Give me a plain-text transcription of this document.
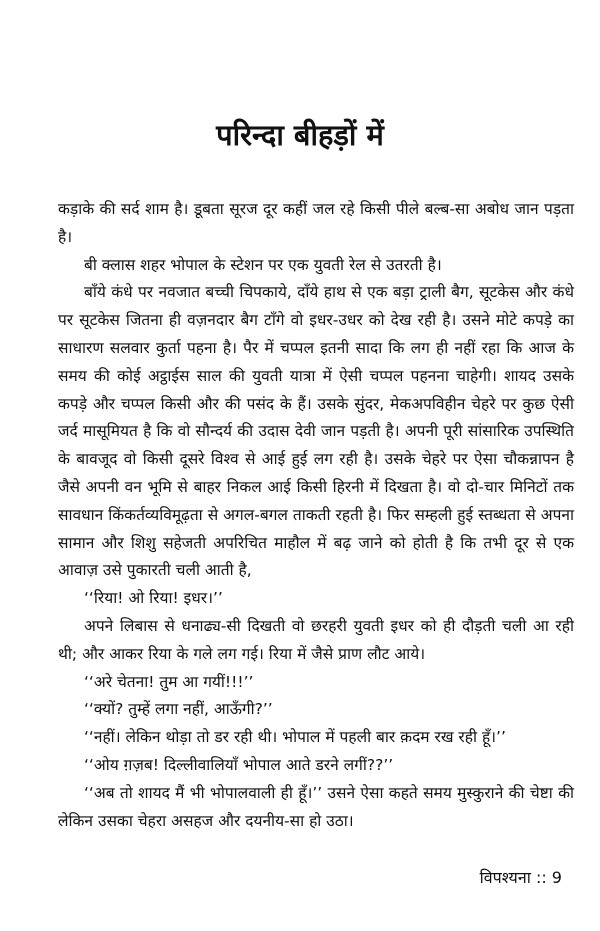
परिन्दा बीहड़ों में

कड़ाके की सर्द शाम है। डूबता सूरज दूर कहीं जल रहे किसी पीले बल्ब-सा अबोध जान पड़ता है।

बी क्लास शहर भोपाल के स्टेशन पर एक युवती रेल से उतरती है।

बाँये कंधे पर नवजात बच्ची चिपकाये, दाँये हाथ से एक बड़ा ट्राली बैग, सूटकेस और कंधे पर सूटकेस जितना ही वज़नदार बैग टाँगे वो इधर-उधर को देख रही है। उसने मोटे कपड़े का साधारण सलवार कुर्ता पहना है। पैर में चप्पल इतनी सादा कि लग ही नहीं रहा कि आज के समय की कोई अट्ठाईस साल की युवती यात्रा में ऐसी चप्पल पहनना चाहेगी। शायद उसके कपड़े और चप्पल किसी और की पसंद के हैं। उसके सुंदर, मेकअपविहीन चेहरे पर कुछ ऐसी जर्द मासूमियत है कि वो सौन्दर्य की उदास देवी जान पड़ती है। अपनी पूरी सांसारिक उपस्थिति के बावजूद वो किसी दूसरे विश्व से आई हुई लग रही है। उसके चेहरे पर ऐसा चौकन्नापन है जैसे अपनी वन भूमि से बाहर निकल आई किसी हिरनी में दिखता है। वो दो-चार मिनिटों तक सावधान किंकर्तव्यविमूढ़ता से अगल-बगल ताकती रहती है। फिर सम्हली हुई स्तब्धता से अपना सामान और शिशु सहेजती अपरिचित माहौल में बढ़ जाने को होती है कि तभी दूर से एक आवाज़ उसे पुकारती चली आती है,

‘‘रिया! ओ रिया! इधर।’’

अपने लिबास से धनाढ्य-सी दिखती वो छरहरी युवती इधर को ही दौड़ती चली आ रही थी; और आकर रिया के गले लग गई। रिया में जैसे प्राण लौट आये।

‘‘अरे चेतना! तुम आ गयीं!!!’’

‘‘क्यों? तुम्हें लगा नहीं, आऊँगी?’’

‘‘नहीं। लेकिन थोड़ा तो डर रही थी। भोपाल में पहली बार क़दम रख रही हूँ।’’

‘‘ओय ग़ज़ब! दिल्लीवालियाँ भोपाल आते डरने लगीं??’’

‘‘अब तो शायद मैं भी भोपालवाली ही हूँ।’’ उसने ऐसा कहते समय मुस्कुराने की चेष्टा की लेकिन उसका चेहरा असहज और दयनीय-सा हो उठा।

विपश्यना :: 9
